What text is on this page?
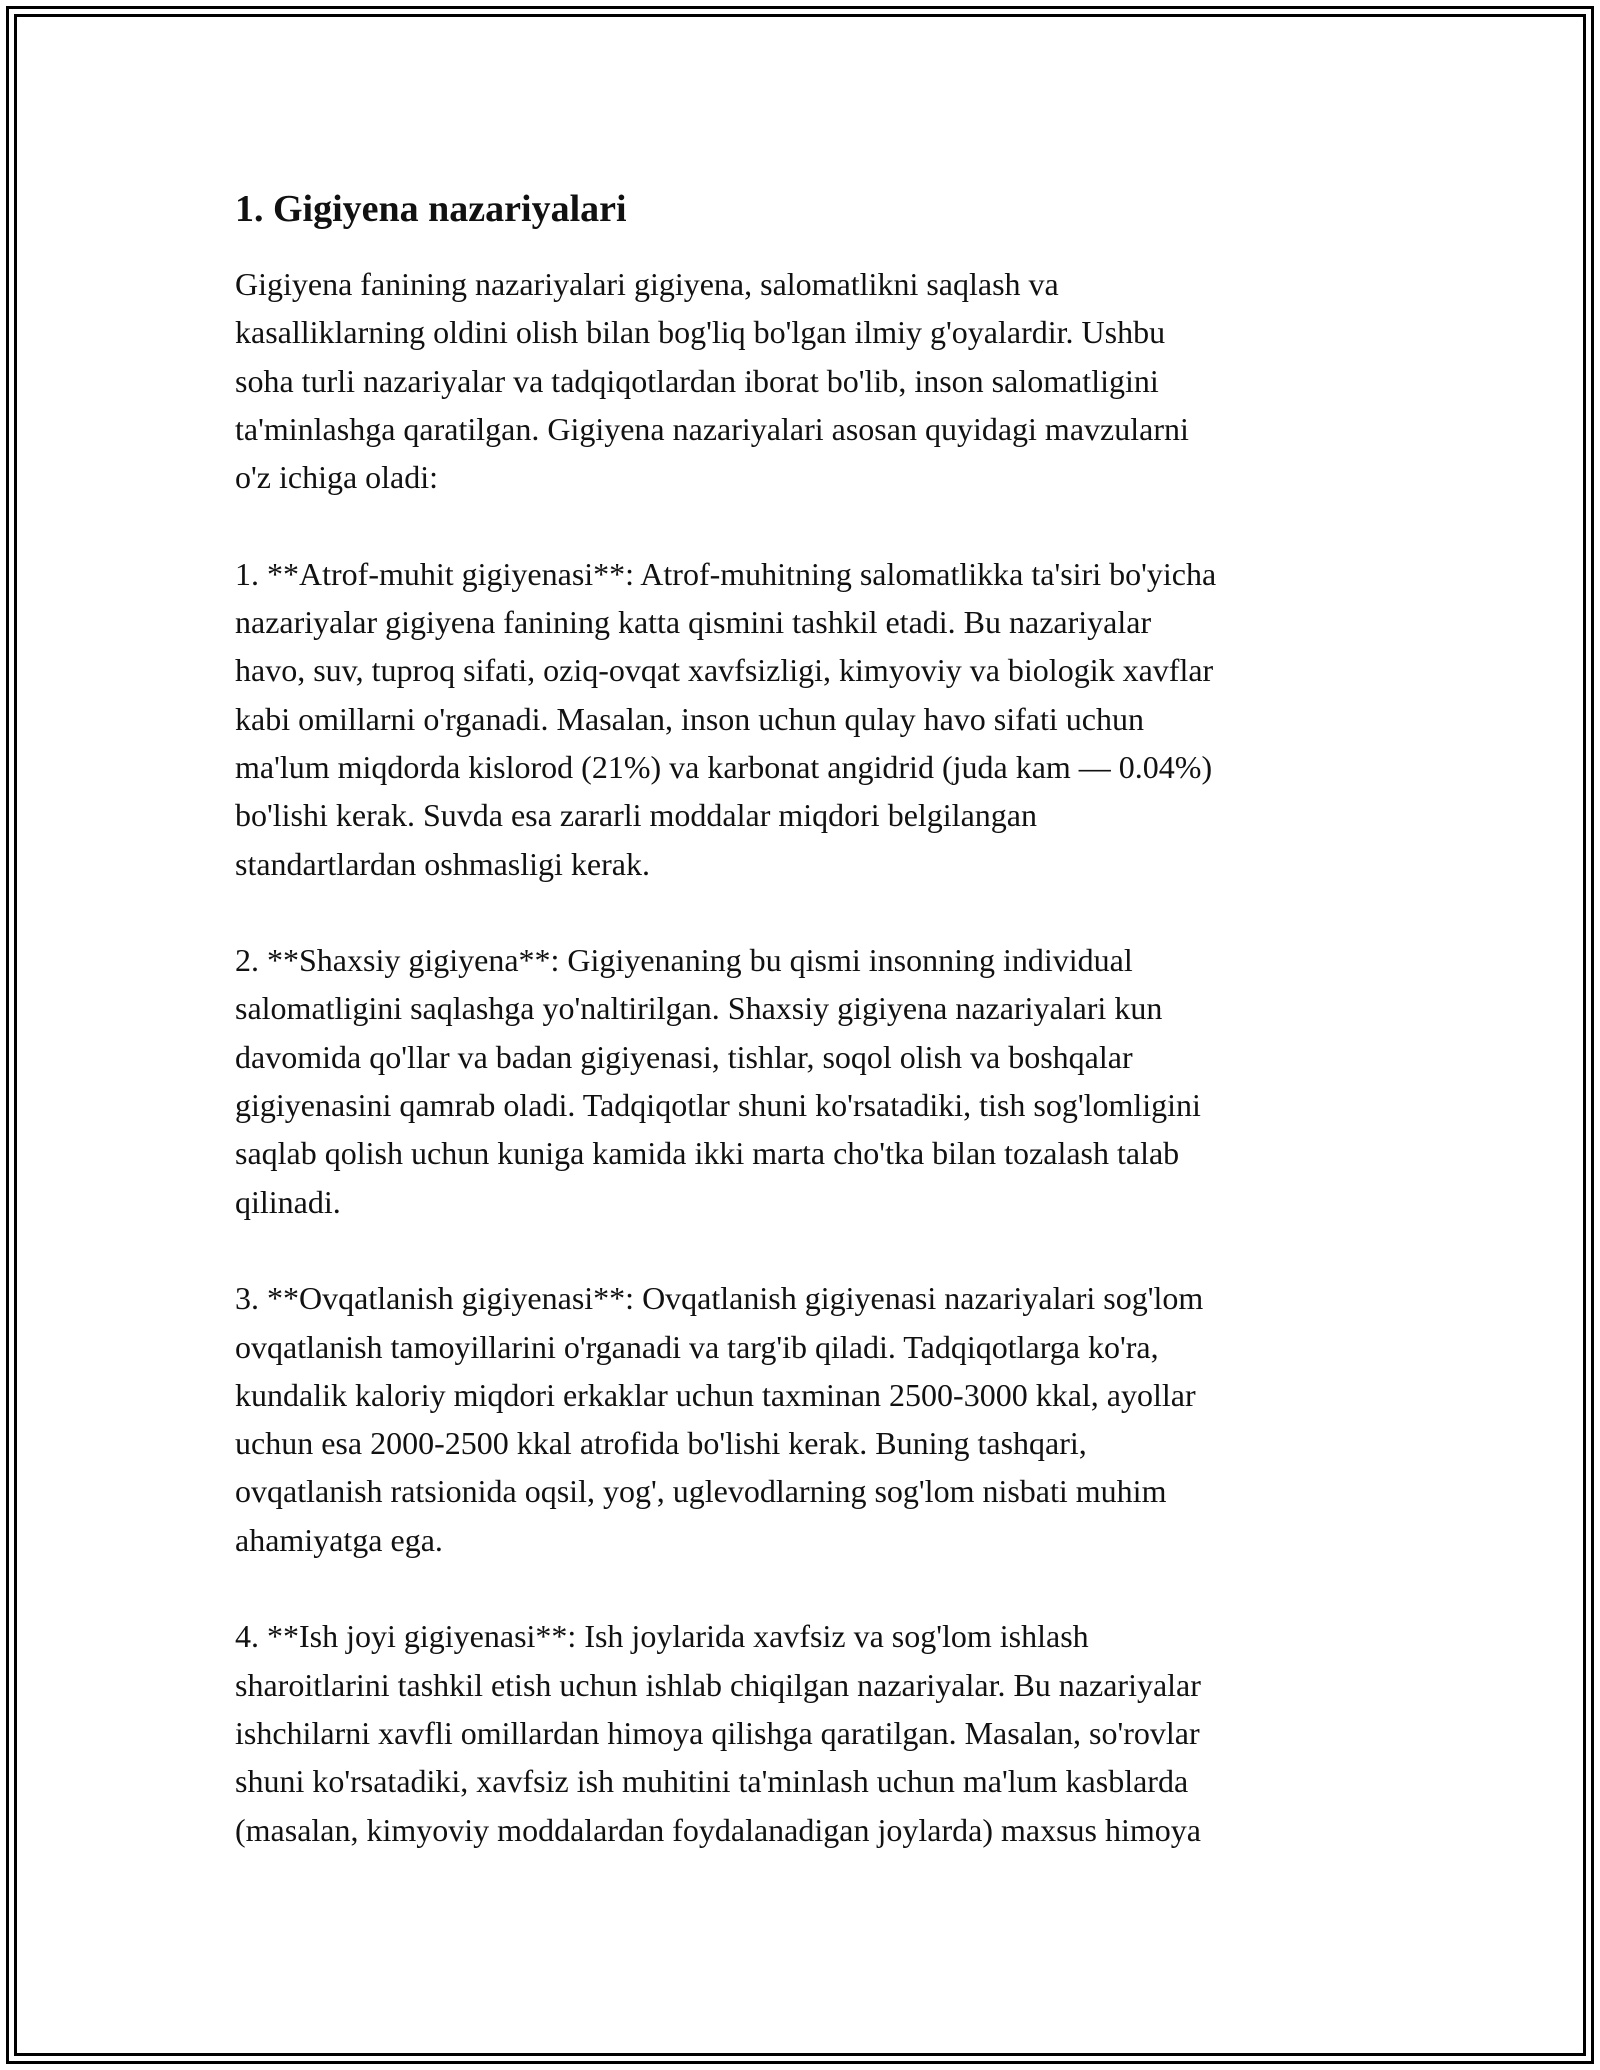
1. Gigiyena nazariyalari
Gigiyena fanining nazariyalari gigiyena, salomatlikni saqlash va
kasalliklarning oldini olish bilan bog'liq bo'lgan ilmiy g'oyalardir. Ushbu
soha turli nazariyalar va tadqiqotlardan iborat bo'lib, inson salomatligini
ta'minlashga qaratilgan. Gigiyena nazariyalari asosan quyidagi mavzularni
o'z ichiga oladi:
1. **Atrof-muhit gigiyenasi**: Atrof-muhitning salomatlikka ta'siri bo'yicha
nazariyalar gigiyena fanining katta qismini tashkil etadi. Bu nazariyalar
havo, suv, tuproq sifati, oziq-ovqat xavfsizligi, kimyoviy va biologik xavflar
kabi omillarni o'rganadi. Masalan, inson uchun qulay havo sifati uchun
ma'lum miqdorda kislorod (21%) va karbonat angidrid (juda kam — 0.04%)
bo'lishi kerak. Suvda esa zararli moddalar miqdori belgilangan
standartlardan oshmasligi kerak.
2. **Shaxsiy gigiyena**: Gigiyenaning bu qismi insonning individual
salomatligini saqlashga yo'naltirilgan. Shaxsiy gigiyena nazariyalari kun
davomida qo'llar va badan gigiyenasi, tishlar, soqol olish va boshqalar
gigiyenasini qamrab oladi. Tadqiqotlar shuni ko'rsatadiki, tish sog'lomligini
saqlab qolish uchun kuniga kamida ikki marta cho'tka bilan tozalash talab
qilinadi.
3. **Ovqatlanish gigiyenasi**: Ovqatlanish gigiyenasi nazariyalari sog'lom
ovqatlanish tamoyillarini o'rganadi va targ'ib qiladi. Tadqiqotlarga ko'ra,
kundalik kaloriy miqdori erkaklar uchun taxminan 2500-3000 kkal, ayollar
uchun esa 2000-2500 kkal atrofida bo'lishi kerak. Buning tashqari,
ovqatlanish ratsionida oqsil, yog', uglevodlarning sog'lom nisbati muhim
ahamiyatga ega.
4. **Ish joyi gigiyenasi**: Ish joylarida xavfsiz va sog'lom ishlash
sharoitlarini tashkil etish uchun ishlab chiqilgan nazariyalar. Bu nazariyalar
ishchilarni xavfli omillardan himoya qilishga qaratilgan. Masalan, so'rovlar
shuni ko'rsatadiki, xavfsiz ish muhitini ta'minlash uchun ma'lum kasblarda
(masalan, kimyoviy moddalardan foydalanadigan joylarda) maxsus himoya
